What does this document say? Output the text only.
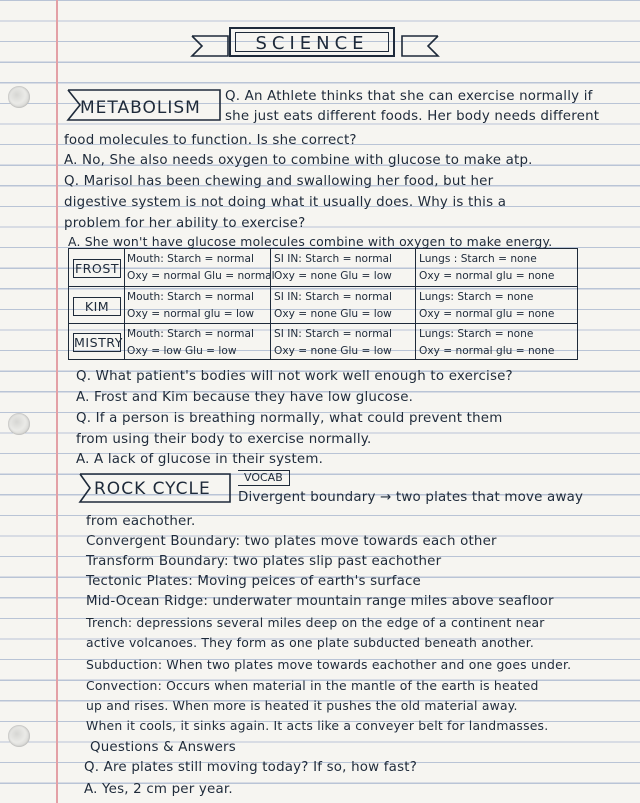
SCIENCE
METABOLISM
Q. An Athlete thinks that she can exercise normally if
she just eats different foods. Her body needs different
food molecules to function. Is she correct?
A. No, She also needs oxygen to combine with glucose to make atp.
Q. Marisol has been chewing and swallowing her food, but her
digestive system is not doing what it usually does. Why is this a
problem for her ability to exercise?
A. She won't have glucose molecules combine with oxygen to make energy.
FROST
Mouth: Starch = normal
Oxy = normal Glu = normal
SI IN: Starch = normal
Oxy = none Glu = low
Lungs : Starch = none
Oxy = normal glu = none
KIM
Mouth: Starch = normal
Oxy = normal glu = low
SI IN: Starch = normal
Oxy = none Glu = low
Lungs: Starch = none
Oxy = normal glu = none
MISTRY
Mouth: Starch = normal
Oxy = low Glu = low
SI IN: Starch = normal
Oxy = none Glu = low
Lungs: Starch = none
Oxy = normal glu = none
Q. What patient's bodies will not work well enough to exercise?
A. Frost and Kim because they have low glucose.
Q. If a person is breathing normally, what could prevent them
from using their body to exercise normally.
A. A lack of glucose in their system.
ROCK CYCLE
VOCAB
Divergent boundary → two plates that move away
from eachother.
Convergent Boundary: two plates move towards each other
Transform Boundary: two plates slip past eachother
Tectonic Plates: Moving peices of earth's surface
Mid-Ocean Ridge: underwater mountain range miles above seafloor
Trench: depressions several miles deep on the edge of a continent near
active volcanoes. They form as one plate subducted beneath another.
Subduction: When two plates move towards eachother and one goes under.
Convection: Occurs when material in the mantle of the earth is heated
up and rises. When more is heated it pushes the old material away.
When it cools, it sinks again. It acts like a conveyer belt for landmasses.
Questions & Answers
Q. Are plates still moving today? If so, how fast?
A. Yes, 2 cm per year.
